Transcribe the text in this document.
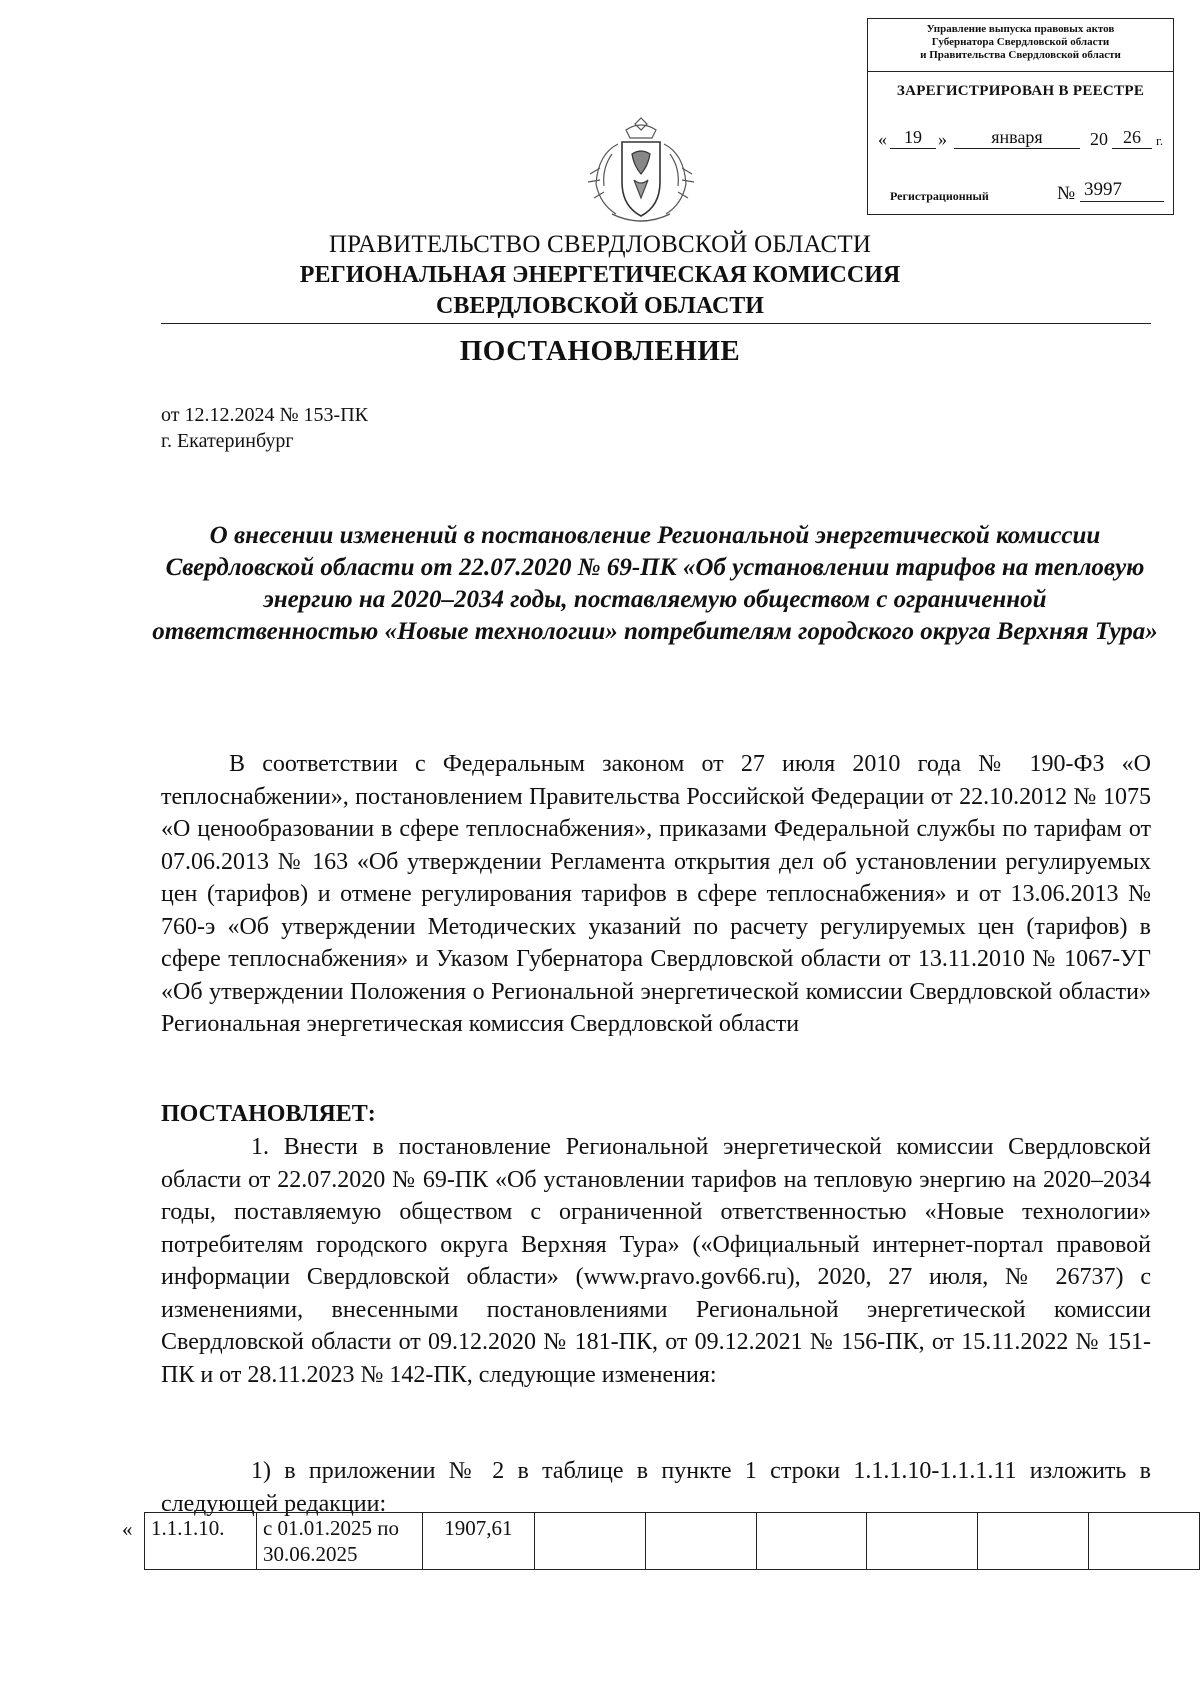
Управление выпуска правовых актов
Губернатора Свердловской области
и Правительства Свердловской области
ЗАРЕГИСТРИРОВАН В РЕЕСТРЕ
« 19 »	января	20 26	г.
Регистрационный	№ 3997
ПРАВИТЕЛЬСТВО СВЕРДЛОВСКОЙ ОБЛАСТИ
РЕГИОНАЛЬНАЯ ЭНЕРГЕТИЧЕСКАЯ КОМИССИЯ
СВЕРДЛОВСКОЙ ОБЛАСТИ
ПОСТАНОВЛЕНИЕ
от 12.12.2024 № 153-ПК
г. Екатеринбург
О внесении изменений в постановление Региональной энергетической комиссии Свердловской области от 22.07.2020 № 69-ПК «Об установлении тарифов на тепловую энергию на 2020–2034 годы, поставляемую обществом с ограниченной ответственностью «Новые технологии» потребителям городского округа Верхняя Тура»
В соответствии с Федеральным законом от 27 июля 2010 года № 190-ФЗ «О теплоснабжении», постановлением Правительства Российской Федерации от 22.10.2012 № 1075 «О ценообразовании в сфере теплоснабжения», приказами Федеральной службы по тарифам от 07.06.2013 № 163 «Об утверждении Регламента открытия дел об установлении регулируемых цен (тарифов) и отмене регулирования тарифов в сфере теплоснабжения» и от 13.06.2013 № 760-э «Об утверждении Методических указаний по расчету регулируемых цен (тарифов) в сфере теплоснабжения» и Указом Губернатора Свердловской области от 13.11.2010 № 1067-УГ «Об утверждении Положения о Региональной энергетической комиссии Свердловской области» Региональная энергетическая комиссия Свердловской области
ПОСТАНОВЛЯЕТ:
1. Внести в постановление Региональной энергетической комиссии Свердловской области от 22.07.2020 № 69-ПК «Об установлении тарифов на тепловую энергию на 2020–2034 годы, поставляемую обществом с ограниченной ответственностью «Новые технологии» потребителям городского округа Верхняя Тура» («Официальный интернет-портал правовой информации Свердловской области» (www.pravo.gov66.ru), 2020, 27 июля, № 26737) с изменениями, внесенными постановлениями Региональной энергетической комиссии Свердловской области от 09.12.2020 № 181-ПК, от 09.12.2021 № 156-ПК, от 15.11.2022 № 151-ПК и от 28.11.2023 № 142-ПК, следующие изменения:
1) в приложении № 2 в таблице в пункте 1 строки 1.1.1.10-1.1.1.11 изложить в следующей редакции:
« 1.1.1.10.	с 01.01.2025 по 30.06.2025	1907,61						
